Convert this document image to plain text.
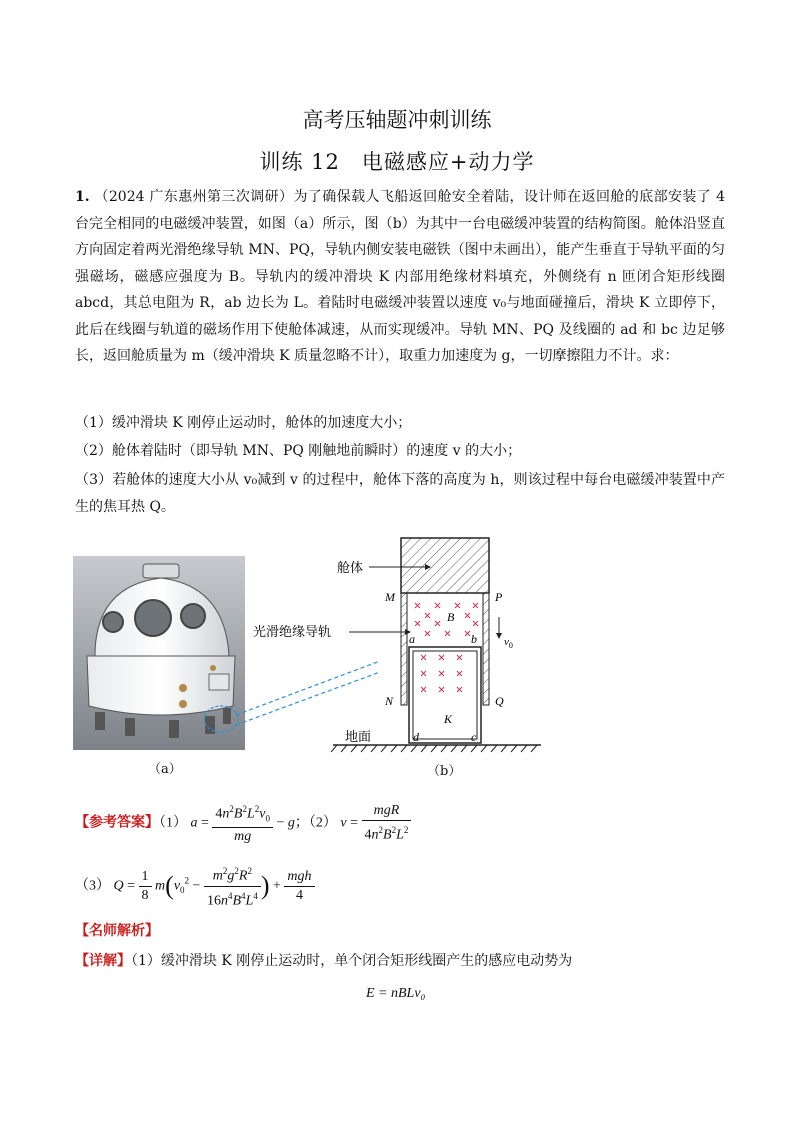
高考压轴题冲刺训练
训练 12　电磁感应+动力学
1. （2024 广东惠州第三次调研）为了确保载人飞船返回舱安全着陆，设计师在返回舱的底部安装了 4 台完全相同的电磁缓冲装置，如图（a）所示，图（b）为其中一台电磁缓冲装置的结构简图。舱体沿竖直方向固定着两光滑绝缘导轨 MN、PQ，导轨内侧安装电磁铁（图中未画出），能产生垂直于导轨平面的匀强磁场，磁感应强度为 B。导轨内的缓冲滑块 K 内部用绝缘材料填充，外侧绕有 n 匝闭合矩形线圈 abcd，其总电阻为 R，ab 边长为 L。着陆时电磁缓冲装置以速度 v₀与地面碰撞后，滑块 K 立即停下，此后在线圈与轨道的磁场作用下使舱体减速，从而实现缓冲。导轨 MN、PQ 及线圈的 ad 和 bc 边足够长，返回舱质量为 m（缓冲滑块 K 质量忽略不计），取重力加速度为 g，一切摩擦阻力不计。求：
（1）缓冲滑块 K 刚停止运动时，舱体的加速度大小；
（2）舱体着陆时（即导轨 MN、PQ 刚触地前瞬时）的速度 v 的大小；
（3）若舱体的速度大小从 v₀减到 v 的过程中，舱体下落的高度为 h，则该过程中每台电磁缓冲装置中产生的焦耳热 Q。
（a）
舱体
光滑绝缘导轨
地面
M	P
N	Q
a	b
c
d
B
K
$v_0$
（b）
【参考答案】（1） $a = \frac{4n^2B^2L^2v_0}{mg} - g$；（2） $v = \frac{\text{mgR}}{4n^2B^2L^2}$
（3） $Q = \frac{1}{8} m(v_0^2 - \frac{m^2g^2R^2}{16n^4B^4L^4}$ ) + $\frac{\text{mgh}}{4}$
【名师解析】
【详解】（1）缓冲滑块 K 刚停止运动时，单个闭合矩形线圈产生的感应电动势为
E = nBLv₀
